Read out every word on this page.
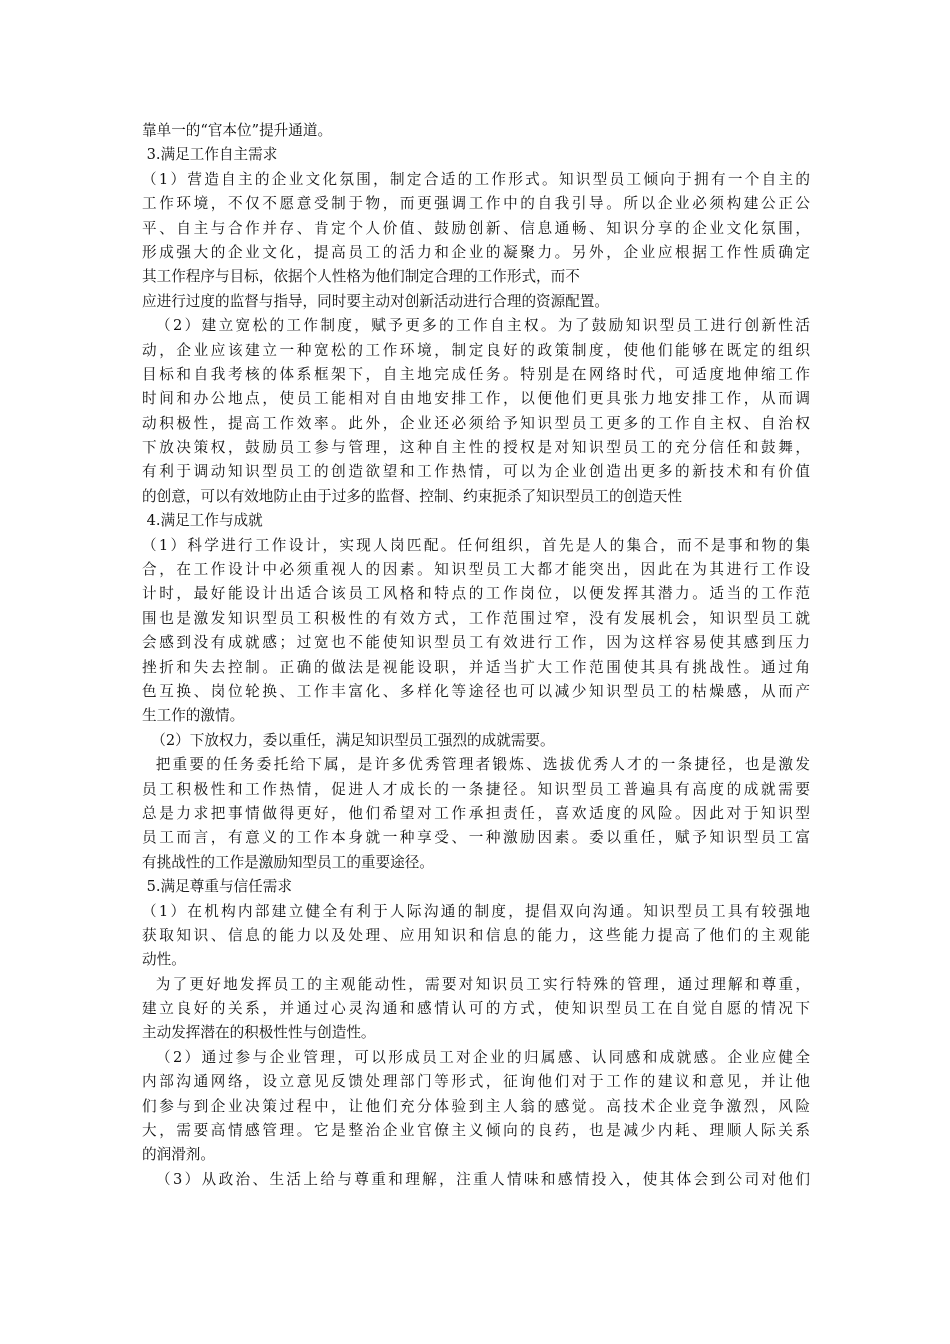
靠单一的“官本位”提升通道。
3.满足工作自主需求
（1）营造自主的企业文化氛围，制定合适的工作形式。知识型员工倾向于拥有一个自主的
工作环境，不仅不愿意受制于物，而更强调工作中的自我引导。所以企业必须构建公正公
平、自主与合作并存、肯定个人价值、鼓励创新、信息通畅、知识分享的企业文化氛围，
形成强大的企业文化，提高员工的活力和企业的凝聚力。另外，企业应根据工作性质确定
其工作程序与目标，依据个人性格为他们制定合理的工作形式，而不
应进行过度的监督与指导，同时要主动对创新活动进行合理的资源配置。
（2）建立宽松的工作制度，赋予更多的工作自主权。为了鼓励知识型员工进行创新性活
动，企业应该建立一种宽松的工作环境，制定良好的政策制度，使他们能够在既定的组织
目标和自我考核的体系框架下，自主地完成任务。特别是在网络时代，可适度地伸缩工作
时间和办公地点，使员工能相对自由地安排工作，以便他们更具张力地安排工作，从而调
动积极性，提高工作效率。此外，企业还必须给予知识型员工更多的工作自主权、自治权
下放决策权，鼓励员工参与管理，这种自主性的授权是对知识型员工的充分信任和鼓舞，
有利于调动知识型员工的创造欲望和工作热情，可以为企业创造出更多的新技术和有价值
的创意，可以有效地防止由于过多的监督、控制、约束扼杀了知识型员工的创造天性
4.满足工作与成就
（1）科学进行工作设计，实现人岗匹配。任何组织，首先是人的集合，而不是事和物的集
合，在工作设计中必须重视人的因素。知识型员工大都才能突出，因此在为其进行工作设
计时，最好能设计出适合该员工风格和特点的工作岗位，以便发挥其潜力。适当的工作范
围也是激发知识型员工积极性的有效方式，工作范围过窄，没有发展机会，知识型员工就
会感到没有成就感；过宽也不能使知识型员工有效进行工作，因为这样容易使其感到压力
挫折和失去控制。正确的做法是视能设职，并适当扩大工作范围使其具有挑战性。通过角
色互换、岗位轮换、工作丰富化、多样化等途径也可以减少知识型员工的枯燥感，从而产
生工作的激情。
（2）下放权力，委以重任，满足知识型员工强烈的成就需要。
把重要的任务委托给下属，是许多优秀管理者锻炼、选拔优秀人才的一条捷径，也是激发
员工积极性和工作热情，促进人才成长的一条捷径。知识型员工普遍具有高度的成就需要
总是力求把事情做得更好，他们希望对工作承担责任，喜欢适度的风险。因此对于知识型
员工而言，有意义的工作本身就一种享受、一种激励因素。委以重任，赋予知识型员工富
有挑战性的工作是激励知型员工的重要途径。
5.满足尊重与信任需求
（1）在机构内部建立健全有利于人际沟通的制度，提倡双向沟通。知识型员工具有较强地
获取知识、信息的能力以及处理、应用知识和信息的能力，这些能力提高了他们的主观能
动性。
为了更好地发挥员工的主观能动性，需要对知识员工实行特殊的管理，通过理解和尊重，
建立良好的关系，并通过心灵沟通和感情认可的方式，使知识型员工在自觉自愿的情况下
主动发挥潜在的积极性性与创造性。
（2）通过参与企业管理，可以形成员工对企业的归属感、认同感和成就感。企业应健全
内部沟通网络，设立意见反馈处理部门等形式，征询他们对于工作的建议和意见，并让他
们参与到企业决策过程中，让他们充分体验到主人翁的感觉。高技术企业竞争激烈，风险
大，需要高情感管理。它是整治企业官僚主义倾向的良药，也是减少内耗、理顺人际关系
的润滑剂。
（3）从政治、生活上给与尊重和理解，注重人情味和感情投入，使其体会到公司对他们
